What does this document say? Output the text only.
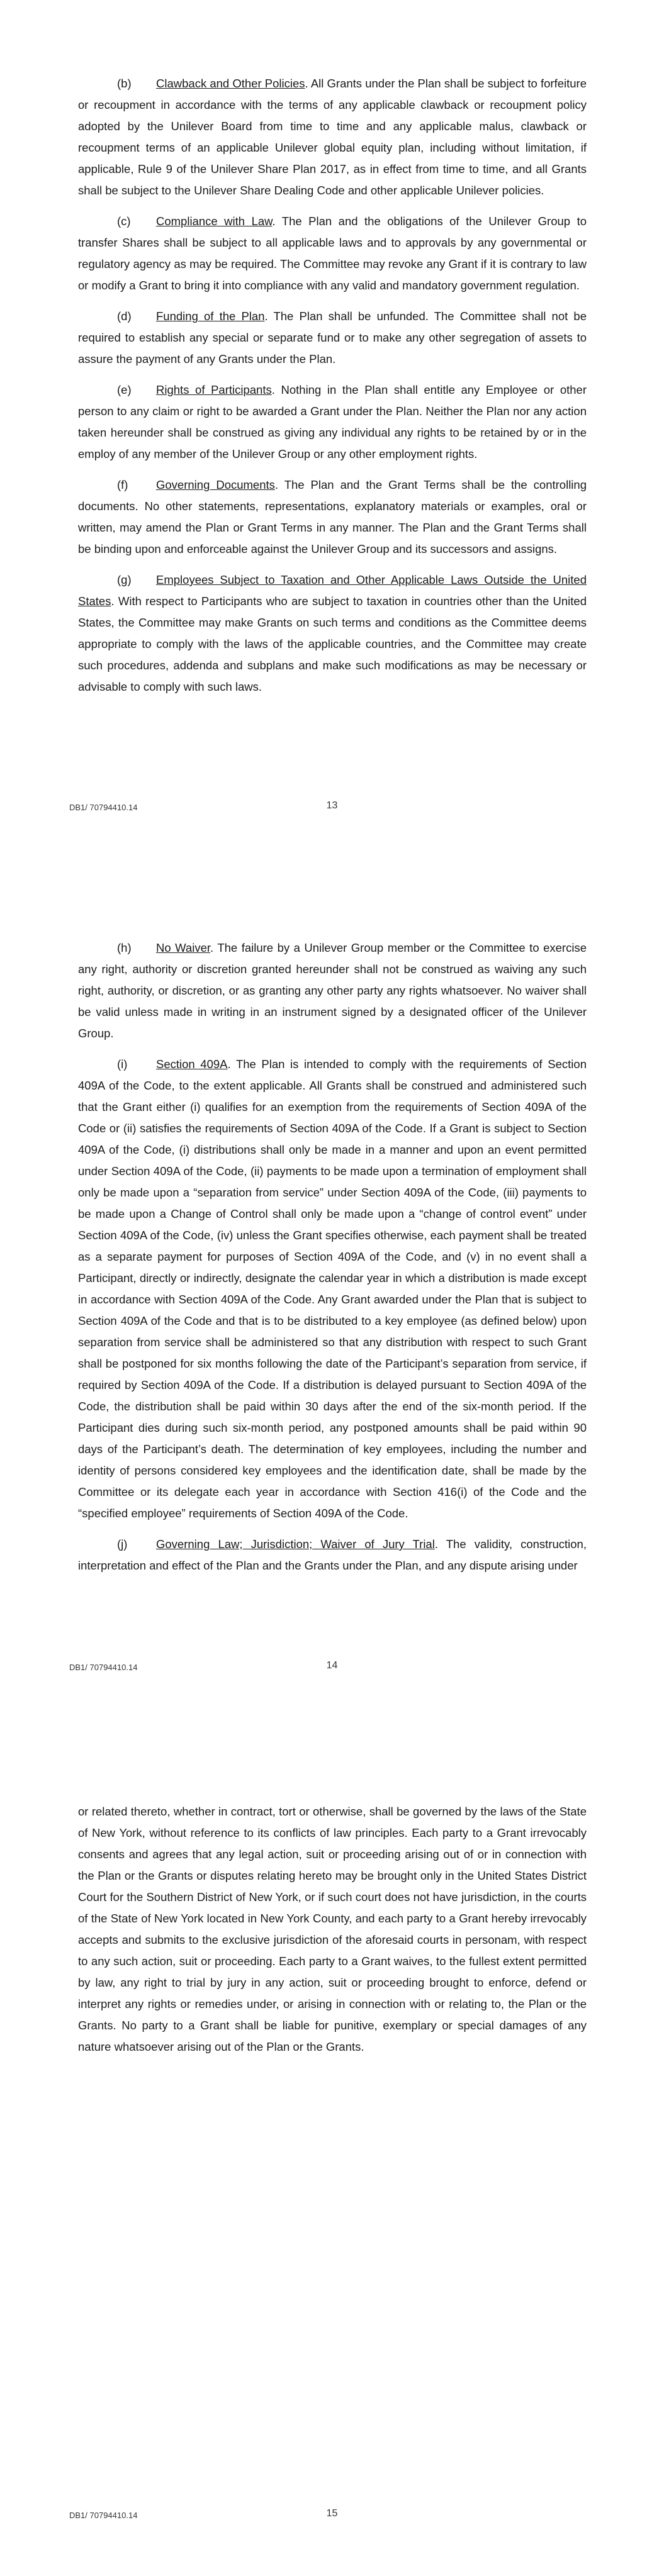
(b) Clawback and Other Policies. All Grants under the Plan shall be subject to forfeiture or recoupment in accordance with the terms of any applicable clawback or recoupment policy adopted by the Unilever Board from time to time and any applicable malus, clawback or recoupment terms of an applicable Unilever global equity plan, including without limitation, if applicable, Rule 9 of the Unilever Share Plan 2017, as in effect from time to time, and all Grants shall be subject to the Unilever Share Dealing Code and other applicable Unilever policies.

(c) Compliance with Law. The Plan and the obligations of the Unilever Group to transfer Shares shall be subject to all applicable laws and to approvals by any governmental or regulatory agency as may be required. The Committee may revoke any Grant if it is contrary to law or modify a Grant to bring it into compliance with any valid and mandatory government regulation.

(d) Funding of the Plan. The Plan shall be unfunded. The Committee shall not be required to establish any special or separate fund or to make any other segregation of assets to assure the payment of any Grants under the Plan.

(e) Rights of Participants. Nothing in the Plan shall entitle any Employee or other person to any claim or right to be awarded a Grant under the Plan. Neither the Plan nor any action taken hereunder shall be construed as giving any individual any rights to be retained by or in the employ of any member of the Unilever Group or any other employment rights.

(f) Governing Documents. The Plan and the Grant Terms shall be the controlling documents. No other statements, representations, explanatory materials or examples, oral or written, may amend the Plan or Grant Terms in any manner. The Plan and the Grant Terms shall be binding upon and enforceable against the Unilever Group and its successors and assigns.

(g) Employees Subject to Taxation and Other Applicable Laws Outside the United States. With respect to Participants who are subject to taxation in countries other than the United States, the Committee may make Grants on such terms and conditions as the Committee deems appropriate to comply with the laws of the applicable countries, and the Committee may create such procedures, addenda and subplans and make such modifications as may be necessary or advisable to comply with such laws.

DB1/ 70794410.14	13

(h) No Waiver. The failure by a Unilever Group member or the Committee to exercise any right, authority or discretion granted hereunder shall not be construed as waiving any such right, authority, or discretion, or as granting any other party any rights whatsoever. No waiver shall be valid unless made in writing in an instrument signed by a designated officer of the Unilever Group.

(i) Section 409A. The Plan is intended to comply with the requirements of Section 409A of the Code, to the extent applicable. All Grants shall be construed and administered such that the Grant either (i) qualifies for an exemption from the requirements of Section 409A of the Code or (ii) satisfies the requirements of Section 409A of the Code. If a Grant is subject to Section 409A of the Code, (i) distributions shall only be made in a manner and upon an event permitted under Section 409A of the Code, (ii) payments to be made upon a termination of employment shall only be made upon a “separation from service” under Section 409A of the Code, (iii) payments to be made upon a Change of Control shall only be made upon a “change of control event” under Section 409A of the Code, (iv) unless the Grant specifies otherwise, each payment shall be treated as a separate payment for purposes of Section 409A of the Code, and (v) in no event shall a Participant, directly or indirectly, designate the calendar year in which a distribution is made except in accordance with Section 409A of the Code. Any Grant awarded under the Plan that is subject to Section 409A of the Code and that is to be distributed to a key employee (as defined below) upon separation from service shall be administered so that any distribution with respect to such Grant shall be postponed for six months following the date of the Participant’s separation from service, if required by Section 409A of the Code. If a distribution is delayed pursuant to Section 409A of the Code, the distribution shall be paid within 30 days after the end of the six-month period. If the Participant dies during such six-month period, any postponed amounts shall be paid within 90 days of the Participant’s death. The determination of key employees, including the number and identity of persons considered key employees and the identification date, shall be made by the Committee or its delegate each year in accordance with Section 416(i) of the Code and the “specified employee” requirements of Section 409A of the Code.

(j) Governing Law; Jurisdiction; Waiver of Jury Trial. The validity, construction, interpretation and effect of the Plan and the Grants under the Plan, and any dispute arising under

DB1/ 70794410.14	14

or related thereto, whether in contract, tort or otherwise, shall be governed by the laws of the State of New York, without reference to its conflicts of law principles. Each party to a Grant irrevocably consents and agrees that any legal action, suit or proceeding arising out of or in connection with the Plan or the Grants or disputes relating hereto may be brought only in the United States District Court for the Southern District of New York, or if such court does not have jurisdiction, in the courts of the State of New York located in New York County, and each party to a Grant hereby irrevocably accepts and submits to the exclusive jurisdiction of the aforesaid courts in personam, with respect to any such action, suit or proceeding. Each party to a Grant waives, to the fullest extent permitted by law, any right to trial by jury in any action, suit or proceeding brought to enforce, defend or interpret any rights or remedies under, or arising in connection with or relating to, the Plan or the Grants. No party to a Grant shall be liable for punitive, exemplary or special damages of any nature whatsoever arising out of the Plan or the Grants.

DB1/ 70794410.14	15
